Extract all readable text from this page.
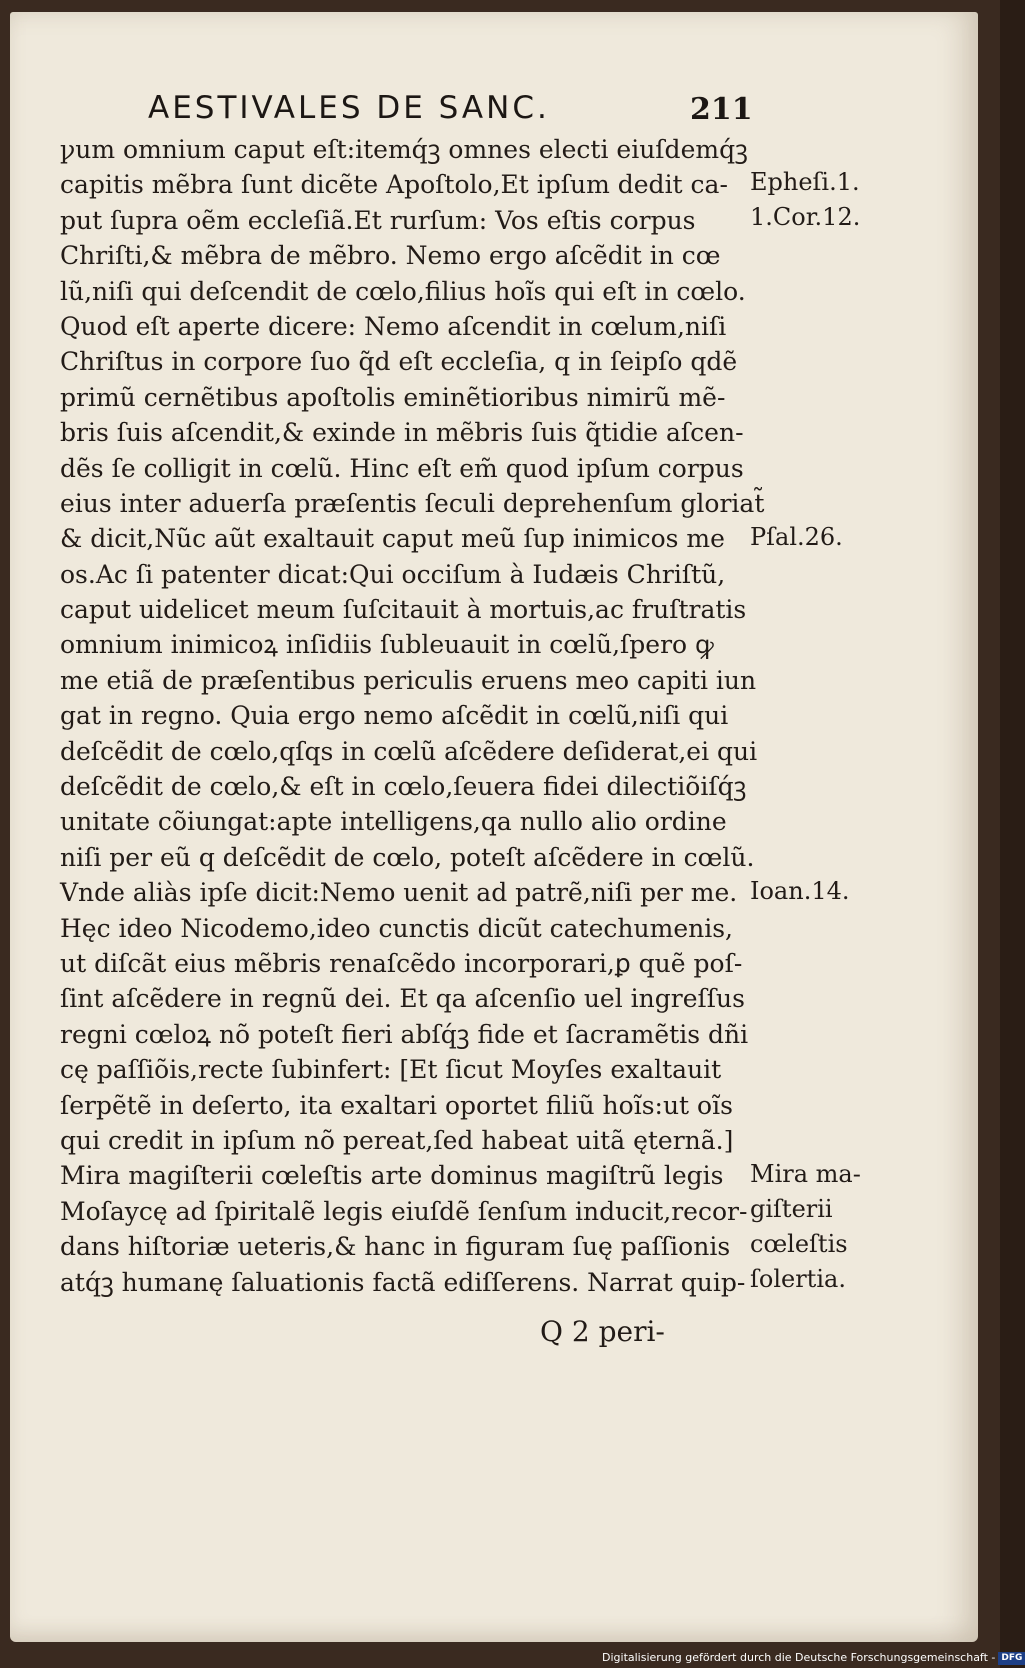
AESTIVALES DE SANC.	211
ꝩum omnium caput eſt:itemq́ꝫ omnes electi eiuſdemq́ꝫ
capitis mẽbra ſunt dicẽte Apoſtolo,Et ipſum dedit ca-
put ſupra oẽm eccleſiã.Et rurſum: Vos eſtis corpus
Chriſti,& mẽbra de mẽbro. Nemo ergo aſcẽdit in cœ
lũ,niſi qui deſcendit de cœlo,filius hoĩs qui eſt in cœlo.
Quod eſt aperte dicere: Nemo aſcendit in cœlum,niſi
Chriſtus in corpore ſuo q̃d eſt eccleſia, q in ſeipſo qdẽ
primũ cernẽtibus apoſtolis eminẽtioribus nimirũ mẽ-
bris ſuis aſcendit,& exinde in mẽbris ſuis q̃tidie aſcen-
dẽs ſe colligit in cœlũ. Hinc eſt em̃ quod ipſum corpus
eius inter aduerſa præſentis ſeculi deprehenſum gloriat̃
& dicit,Nũc aũt exaltauit caput meũ ſup inimicos me
os.Ac ſi patenter dicat:Qui occiſum à Iudæis Chriſtũ,
caput uidelicet meum ſuſcitauit à mortuis,ac fruſtratis
omnium inimicoꝝ inſidiis ſubleuauit in cœlũ,ſpero ꝙ
me etiã de præſentibus periculis eruens meo capiti iun
gat in regno. Quia ergo nemo aſcẽdit in cœlũ,niſi qui
deſcẽdit de cœlo,qſqs in cœlũ aſcẽdere deſiderat,ei qui
deſcẽdit de cœlo,& eſt in cœlo,ſeuera fidei dilectiõiſq́ꝫ
unitate cõiungat:apte intelligens,qa nullo alio ordine
niſi per eũ q deſcẽdit de cœlo, poteſt aſcẽdere in cœlũ.
Vnde aliàs ipſe dicit:Nemo uenit ad patrẽ,niſi per me.
Hęc ideo Nicodemo,ideo cunctis dicũt catechumenis,
ut diſcãt eius mẽbris renaſcẽdo incorporari,ꝑ quẽ poſ-
ſint aſcẽdere in regnũ dei. Et qa aſcenſio uel ingreſſus
regni cœloꝝ nõ poteſt fieri abſq́ꝫ fide et ſacramẽtis dñi
cę paſſiõis,recte ſubinfert: [Et ſicut Moyſes exaltauit
ſerpẽtẽ in deſerto, ita exaltari oportet filiũ hoĩs:ut oĩs
qui credit in ipſum nõ pereat,ſed habeat uitã ęternã.]
Mira magiſterii cœleſtis arte dominus magiſtrũ legis
Moſaycę ad ſpiritalẽ legis eiuſdẽ ſenſum inducit,recor-
dans hiſtoriæ ueteris,& hanc in figuram ſuę paſſionis
atq́ꝫ humanę ſaluationis factã ediſſerens. Narrat quip-
Epheſi.1.
1.Cor.12.
Pſal.26.
Ioan.14.
Mira ma-
giſterii
cœleſtis
ſolertia.
Q 2 peri-
Digitalisierung gefördert durch die Deutsche Forschungsgemeinschaft - DFG
